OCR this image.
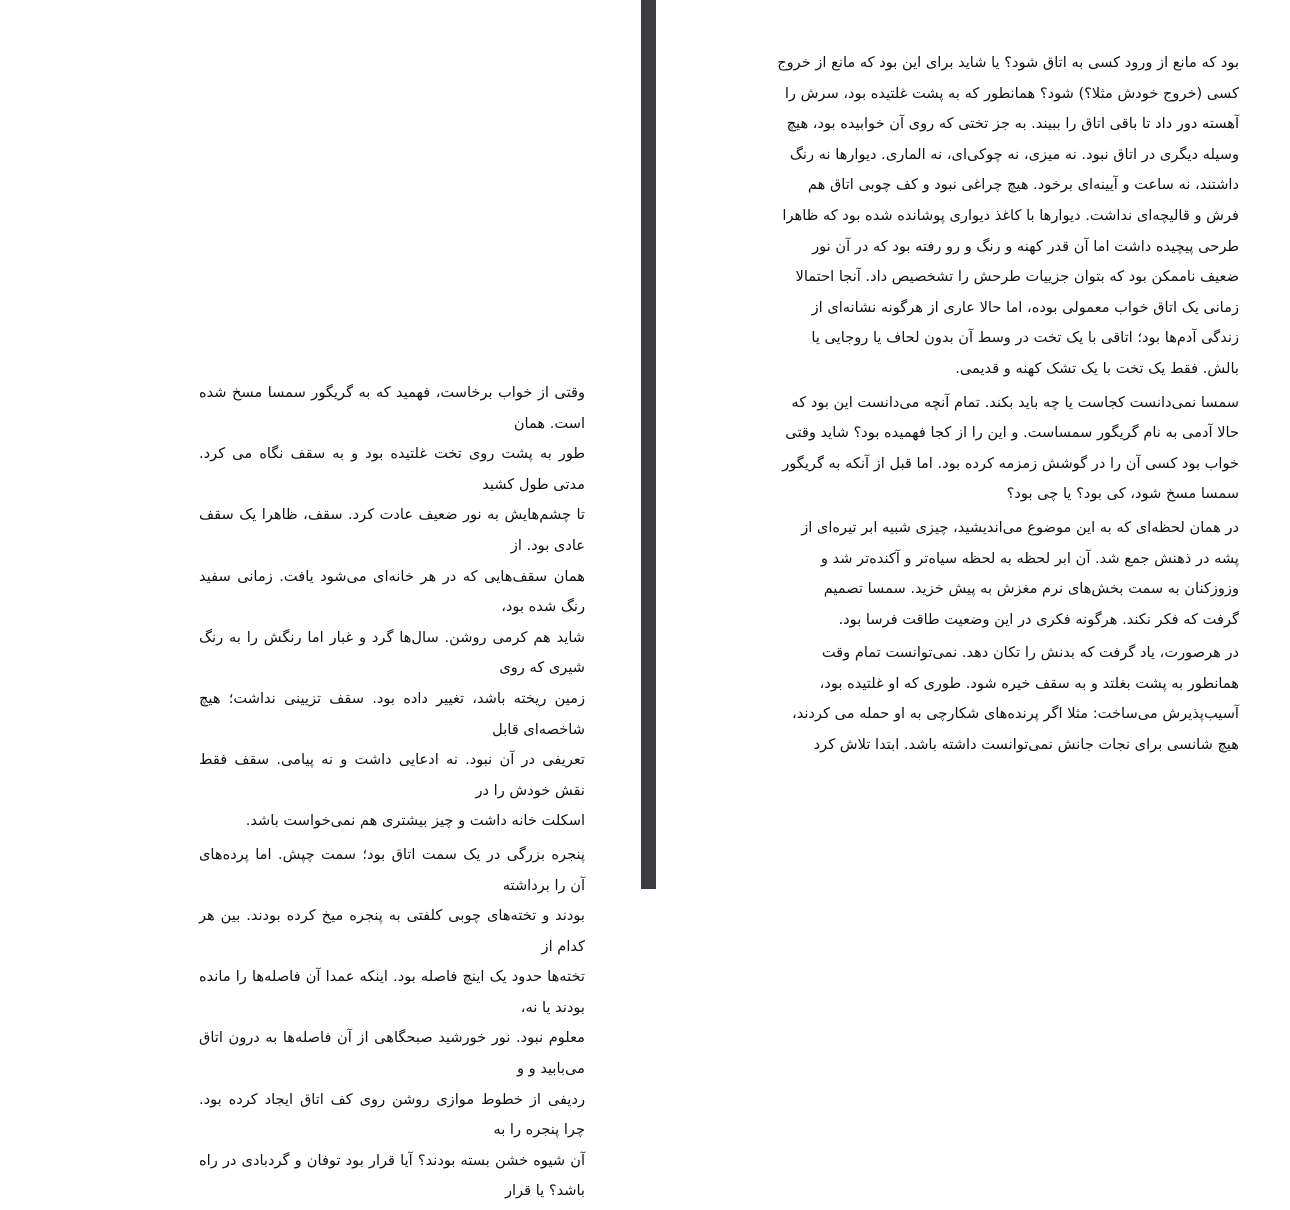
وقتی از خواب برخاست، فهمید که به گریگور سمسا مسخ شده است. همان
طور به پشت روی تخت غلتیده بود و به سقف نگاه می کرد. مدتی طول کشید
تا چشم‌هایش به نور ضعیف عادت کرد. سقف، ظاهرا یک سقف عادی بود. از
همان سقف‌هایی که در هر خانه‌ای می‌شود یافت. زمانی سفید رنگ شده بود،
شاید هم کرمی روشن. سال‌ها گرد و غبار اما رنگش را به رنگ شیری که روی
زمین ریخته باشد، تغییر داده بود. سقف تزیینی نداشت؛ هیچ شاخصه‌ای قابل
تعریفی در آن نبود. نه ادعایی داشت و نه پیامی. سقف فقط نقش خودش را در
اسکلت خانه داشت و چیز بیشتری هم نمی‌خواست باشد.

پنجره بزرگی در یک سمت اتاق بود؛ سمت چپش. اما پرده‌های آن را برداشته
بودند و تخته‌های چوبی کلفتی به پنجره میخ کرده بودند. بین هر کدام از
تخته‌ها حدود یک اینچ فاصله بود. اینکه عمدا آن فاصله‌ها را مانده بودند یا نه،
معلوم نبود. نور خورشید صبحگاهی از آن فاصله‌ها به درون اتاق می‌بابید و و
ردیفی از خطوط موازی روشن روی کف اتاق ایجاد کرده بود. چرا پنجره را به
آن شیوه خشن بسته بودند؟ آیا قرار بود توفان و گردبادی در راه باشد؟ یا قرار

بود که مانع از ورود کسی به اتاق شود؟ یا شاید برای این بود که مانع از خروج
کسی (خروج خودش مثلا؟) شود؟ همانطور که به پشت غلتیده بود، سرش را
آهسته دور داد تا باقی اتاق را ببیند. به جز تختی که روی آن خوابیده بود، هیچ
وسیله دیگری در اتاق نبود. نه میزی، نه چوکی‌ای، نه الماری. دیوارها نه رنگ
داشتند، نه ساعت و آیینه‌ای برخود. هیچ چراغی نبود و کف چوبی اتاق هم
فرش و قالیچه‌ای نداشت. دیوارها با کاغذ دیواری پوشانده شده بود که ظاهرا
طرحی پیچیده داشت اما آن قدر کهنه و رنگ و رو رفته بود که در آن نور
ضعیف ناممکن بود که بتوان جزییات طرحش را تشخصیص داد. آنجا احتمالا
زمانی یک اتاق خواب معمولی بوده، اما حالا عاری از هرگونه نشانه‌ای از
زندگی آدم‌ها بود؛ اتاقی با یک تخت در وسط آن بدون لحاف یا روجایی یا
بالش. فقط یک تخت با یک تشک کهنه و قدیمی.

سمسا نمی‌دانست کجاست یا چه باید بکند. تمام آنچه می‌دانست این بود که
حالا آدمی به نام گریگور سمساست. و این را از کجا فهمیده بود؟ شاید وقتی
خواب بود کسی آن را در گوشش زمزمه کرده بود. اما قبل از آنکه به گریگور
سمسا مسخ شود، کی بود؟ یا چی بود؟

در همان لحظه‌ای که به این موضوع می‌اندیشید، چیزی شبیه ابر تیره‌ای از
پشه در ذهنش جمع شد. آن ابر لحظه به لحظه سیاه‌تر و آکنده‌تر شد و
وزوزکنان به سمت بخش‌های نرم مغزش به پیش خزید. سمسا تصمیم
گرفت که فکر نکند. هرگونه فکری در این وضعیت طاقت فرسا بود.

در هرصورت، یاد گرفت که بدنش را تکان دهد. نمی‌توانست تمام وقت
همانطور به پشت بغلتد و به سقف خیره شود. طوری که او غلتیده بود،
آسیب‌پذیرش می‌ساخت: مثلا اگر پرنده‌های شکارچی به او حمله می کردند،
هیچ شانسی برای نجات جانش نمی‌توانست داشته باشد. ابتدا تلاش کرد
